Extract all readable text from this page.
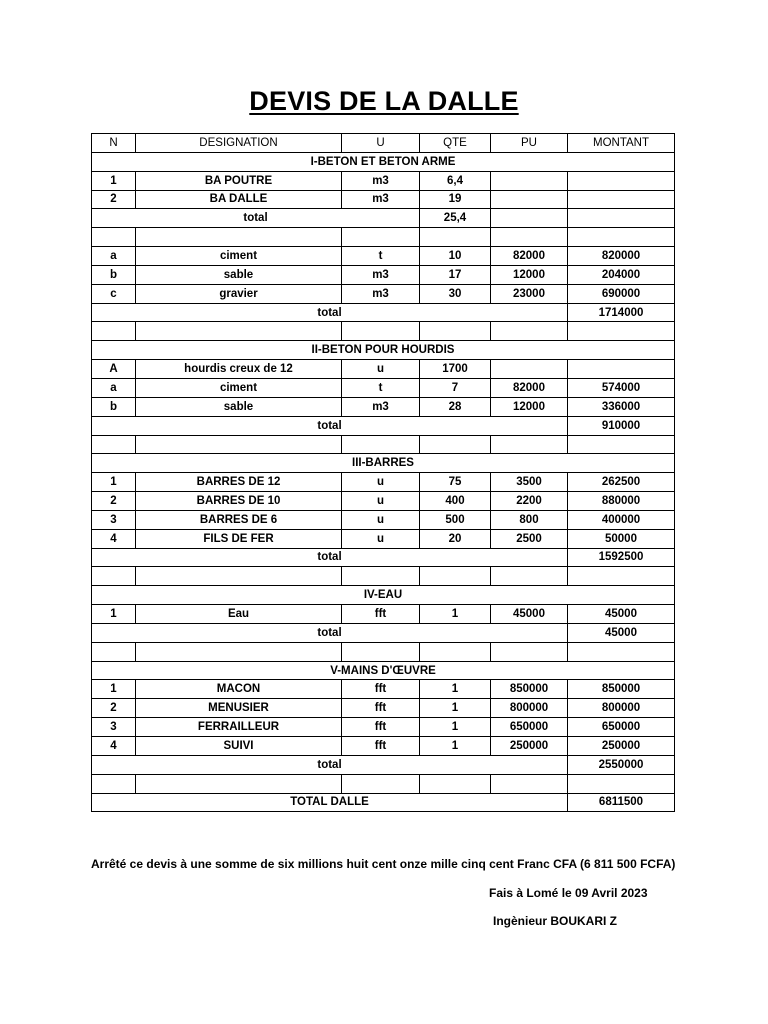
DEVIS DE LA DALLE
N	DESIGNATION	U	QTE	PU	MONTANT
I-BETON ET BETON ARME					
1	BA POUTRE	m3	6,4		
2	BA DALLE	m3	19		
total			25,4		

a	ciment	t	10	82000	820000
b	sable	m3	17	12000	204000
c	gravier	m3	30	23000	690000
total					1714000

II-BETON POUR HOURDIS					
A	hourdis creux de 12	u	1700		
a	ciment	t	7	82000	574000
b	sable	m3	28	12000	336000
total					910000

III-BARRES					
1	BARRES DE 12	u	75	3500	262500
2	BARRES DE 10	u	400	2200	880000
3	BARRES DE 6	u	500	800	400000
4	FILS DE FER	u	20	2500	50000
total					1592500

IV-EAU					
1	Eau	fft	1	45000	45000
total					45000

V-MAINS D'ŒUVRE					
1	MACON	fft	1	850000	850000
2	MENUSIER	fft	1	800000	800000
3	FERRAILLEUR	fft	1	650000	650000
4	SUIVI	fft	1	250000	250000
total					2550000

TOTAL DALLE					6811500
Arrêté ce devis à une somme de six millions huit cent onze mille cinq cent Franc CFA (6 811 500 FCFA)
Fais à Lomé le 09 Avril 2023
Ingènieur BOUKARI Z
